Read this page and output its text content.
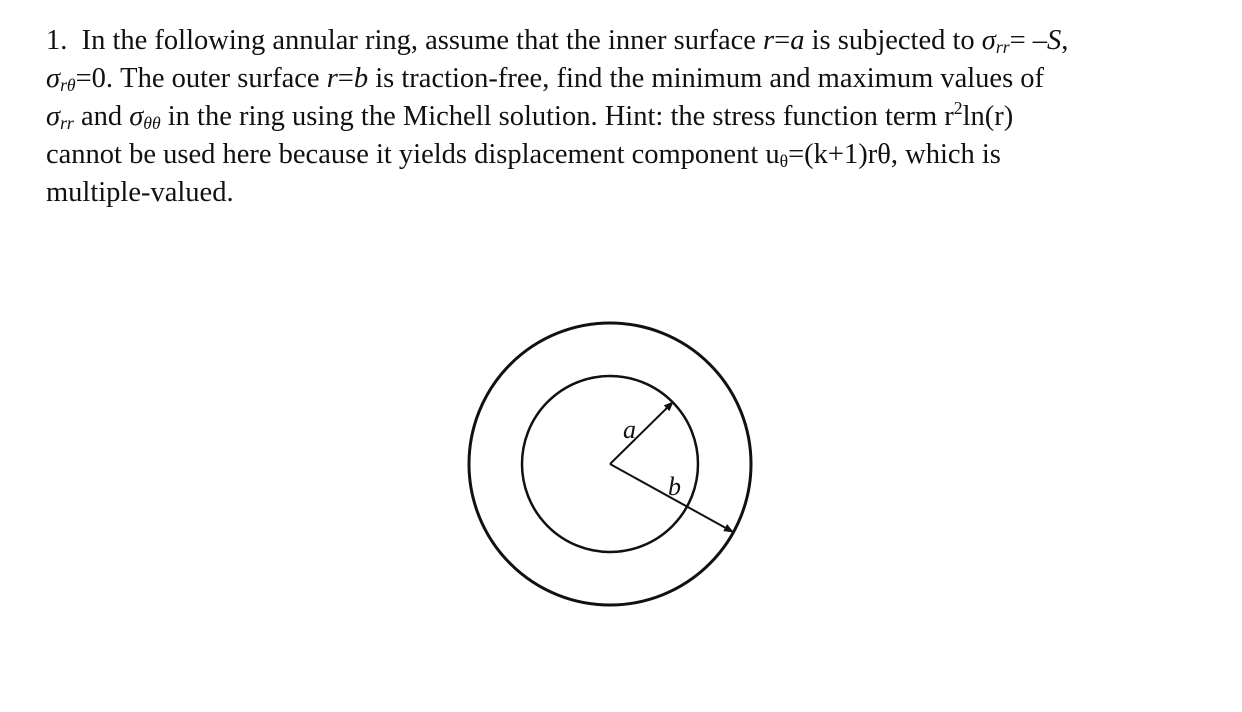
1. In the following annular ring, assume that the inner surface r=a is subjected to $\sigma_{rr}= -S$,
$\sigma_{r\theta}=0$. The outer surface r=b is traction-free, find the minimum and maximum values of
$\sigma_{rr}$ and $\sigma_{\theta\theta}$ in the ring using the Michell solution. Hint: the stress function term $r^2\ln(r)$
cannot be used here because it yields displacement component $u_\theta=(k+1)r\theta$, which is
multiple-valued.
a
b
